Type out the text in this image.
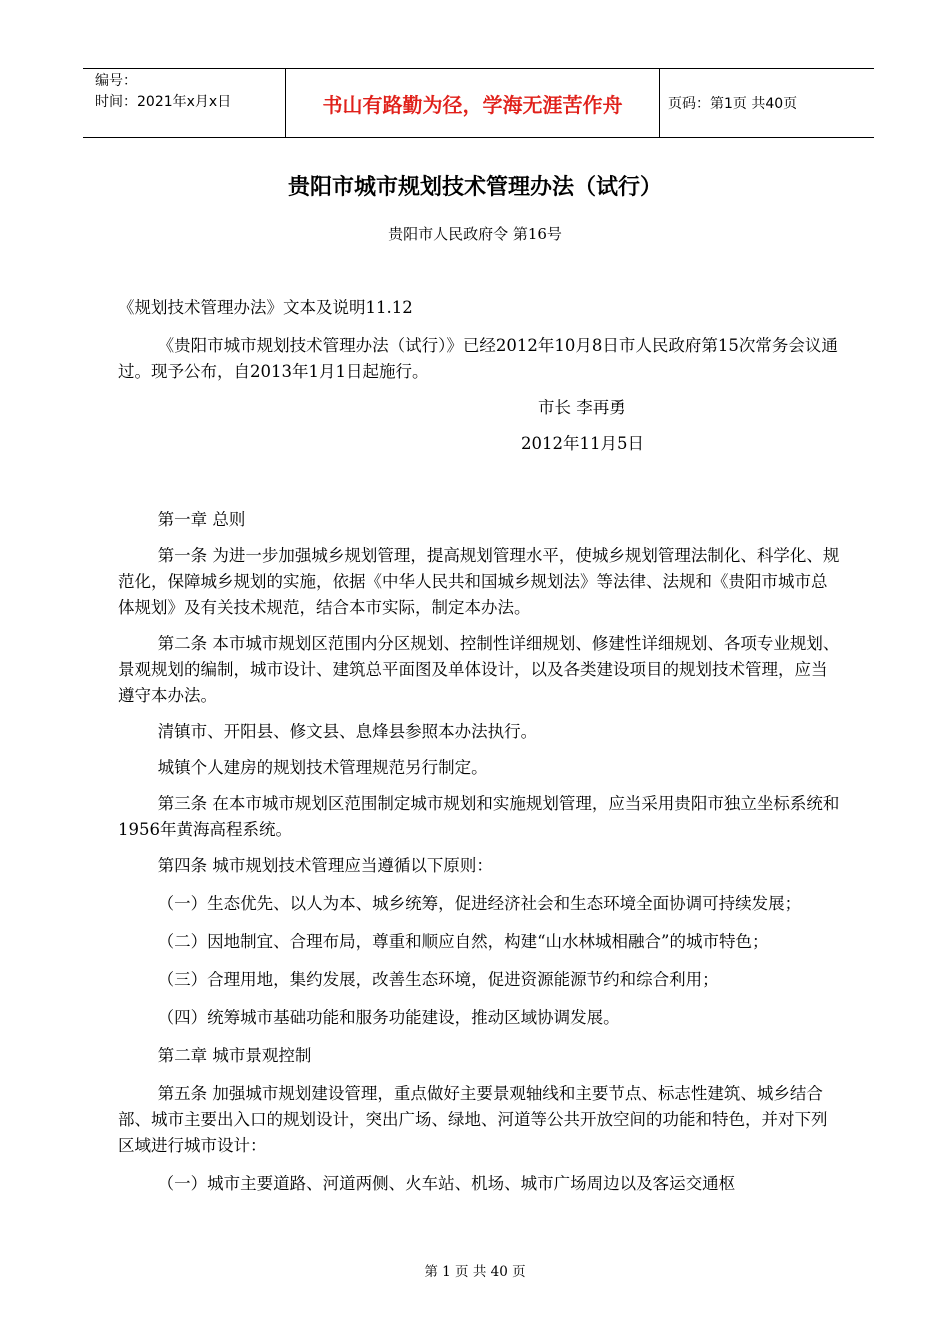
编号：
时间：2021年x月x日	书山有路勤为径，学海无涯苦作舟	页码：第1页 共40页
贵阳市城市规划技术管理办法（试行）
贵阳市人民政府令 第16号

《规划技术管理办法》文本及说明11.12

《贵阳市城市规划技术管理办法（试行）》已经2012年10月8日市人民政府第15次常务会议通过。现予公布，自2013年1月1日起施行。

市长 李再勇

2012年11月5日

第一章 总则

第一条 为进一步加强城乡规划管理，提高规划管理水平，使城乡规划管理法制化、科学化、规范化，保障城乡规划的实施，依据《中华人民共和国城乡规划法》等法律、法规和《贵阳市城市总体规划》及有关技术规范，结合本市实际，制定本办法。

第二条 本市城市规划区范围内分区规划、控制性详细规划、修建性详细规划、各项专业规划、景观规划的编制，城市设计、建筑总平面图及单体设计，以及各类建设项目的规划技术管理，应当遵守本办法。

清镇市、开阳县、修文县、息烽县参照本办法执行。

城镇个人建房的规划技术管理规范另行制定。

第三条 在本市城市规划区范围制定城市规划和实施规划管理，应当采用贵阳市独立坐标系统和1956年黄海高程系统。

第四条 城市规划技术管理应当遵循以下原则：

（一）生态优先、以人为本、城乡统筹，促进经济社会和生态环境全面协调可持续发展；

（二）因地制宜、合理布局，尊重和顺应自然，构建“山水林城相融合”的城市特色；

（三）合理用地，集约发展，改善生态环境，促进资源能源节约和综合利用；

（四）统筹城市基础功能和服务功能建设，推动区域协调发展。

第二章 城市景观控制

第五条 加强城市规划建设管理，重点做好主要景观轴线和主要节点、标志性建筑、城乡结合部、城市主要出入口的规划设计，突出广场、绿地、河道等公共开放空间的功能和特色，并对下列区域进行城市设计：

（一）城市主要道路、河道两侧、火车站、机场、城市广场周边以及客运交通枢

第 1 页 共 40 页
